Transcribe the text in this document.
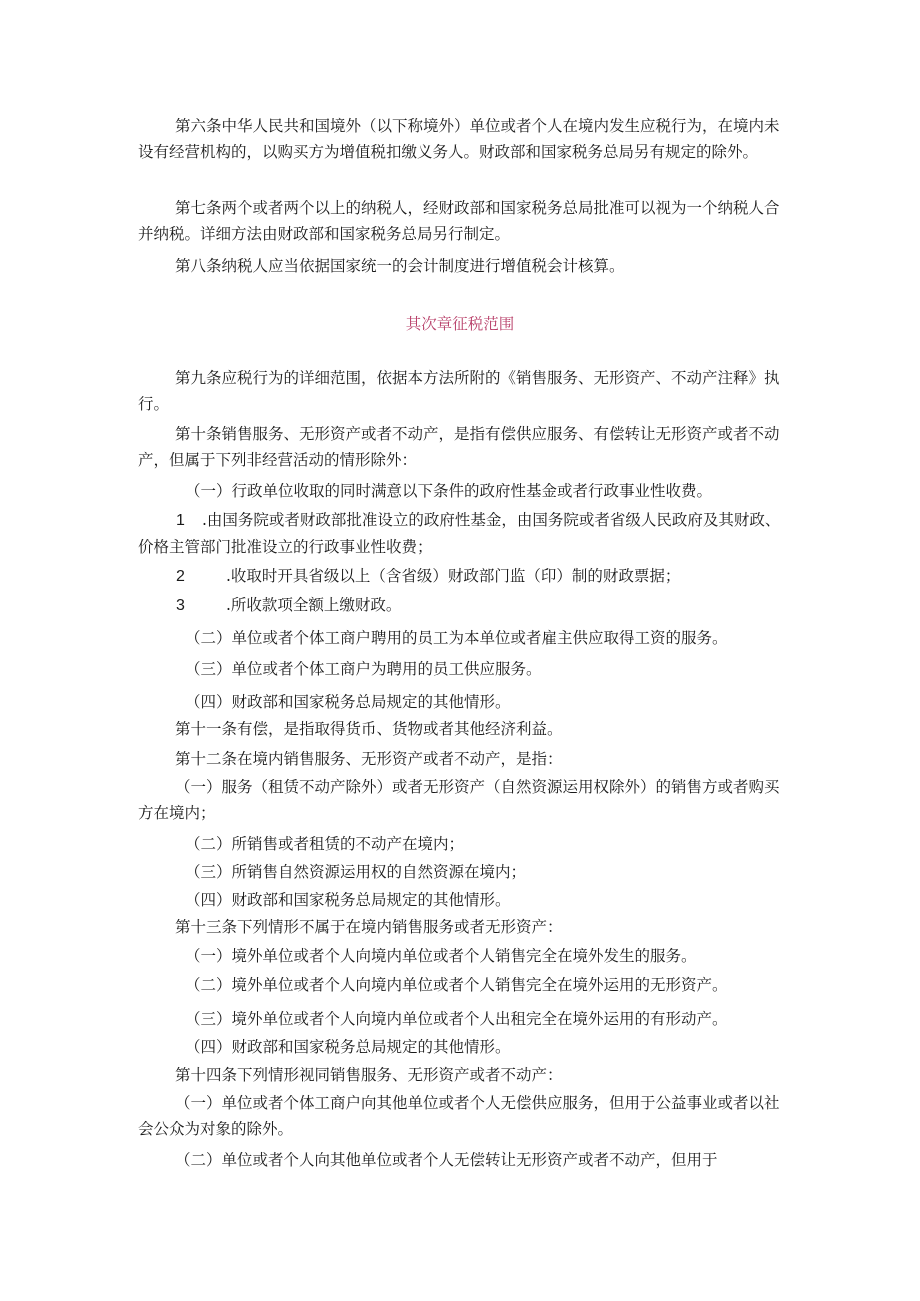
第六条中华人民共和国境外（以下称境外）单位或者个人在境内发生应税行为，在境内未设有经营机构的，以购买方为增值税扣缴义务人。财政部和国家税务总局另有规定的除外。

第七条两个或者两个以上的纳税人，经财政部和国家税务总局批准可以视为一个纳税人合并纳税。详细方法由财政部和国家税务总局另行制定。

第八条纳税人应当依据国家统一的会计制度进行增值税会计核算。

其次章征税范围

第九条应税行为的详细范围，依据本方法所附的《销售服务、无形资产、不动产注释》执行。

第十条销售服务、无形资产或者不动产，是指有偿供应服务、有偿转让无形资产或者不动产，但属于下列非经营活动的情形除外：

（一）行政单位收取的同时满意以下条件的政府性基金或者行政事业性收费。

1 .由国务院或者财政部批准设立的政府性基金，由国务院或者省级人民政府及其财政、价格主管部门批准设立的行政事业性收费；

2	.收取时开具省级以上（含省级）财政部门监（印）制的财政票据；

3	.所收款项全额上缴财政。

（二）单位或者个体工商户聘用的员工为本单位或者雇主供应取得工资的服务。

（三）单位或者个体工商户为聘用的员工供应服务。

（四）财政部和国家税务总局规定的其他情形。

第十一条有偿，是指取得货币、货物或者其他经济利益。

第十二条在境内销售服务、无形资产或者不动产，是指：

（一）服务（租赁不动产除外）或者无形资产（自然资源运用权除外）的销售方或者购买方在境内；

（二）所销售或者租赁的不动产在境内；

（三）所销售自然资源运用权的自然资源在境内；

（四）财政部和国家税务总局规定的其他情形。

第十三条下列情形不属于在境内销售服务或者无形资产：

（一）境外单位或者个人向境内单位或者个人销售完全在境外发生的服务。

（二）境外单位或者个人向境内单位或者个人销售完全在境外运用的无形资产。

（三）境外单位或者个人向境内单位或者个人出租完全在境外运用的有形动产。

（四）财政部和国家税务总局规定的其他情形。

第十四条下列情形视同销售服务、无形资产或者不动产：

（一）单位或者个体工商户向其他单位或者个人无偿供应服务，但用于公益事业或者以社会公众为对象的除外。

（二）单位或者个人向其他单位或者个人无偿转让无形资产或者不动产，但用于
